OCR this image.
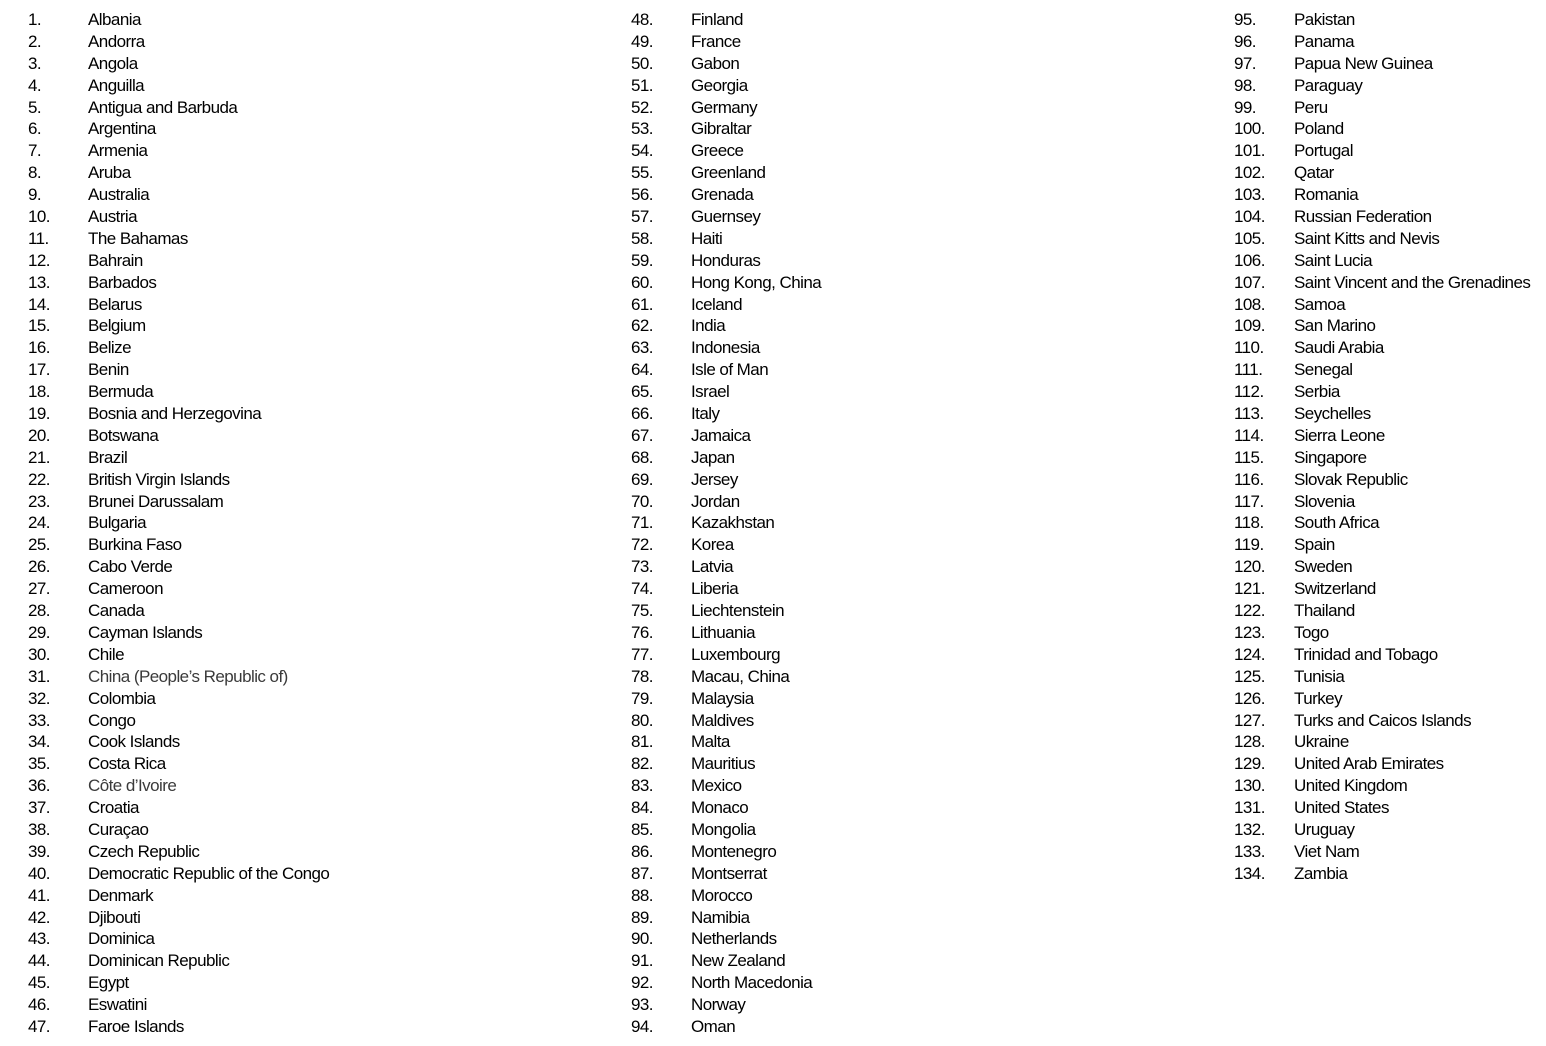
1.	Albania
2.	Andorra
3.	Angola
4.	Anguilla
5.	Antigua and Barbuda
6.	Argentina
7.	Armenia
8.	Aruba
9.	Australia
10.	Austria
11.	The Bahamas
12.	Bahrain
13.	Barbados
14.	Belarus
15.	Belgium
16.	Belize
17.	Benin
18.	Bermuda
19.	Bosnia and Herzegovina
20.	Botswana
21.	Brazil
22.	British Virgin Islands
23.	Brunei Darussalam
24.	Bulgaria
25.	Burkina Faso
26.	Cabo Verde
27.	Cameroon
28.	Canada
29.	Cayman Islands
30.	Chile
31.	China (People’s Republic of)
32.	Colombia
33.	Congo
34.	Cook Islands
35.	Costa Rica
36.	Côte d’Ivoire
37.	Croatia
38.	Curaçao
39.	Czech Republic
40.	Democratic Republic of the Congo
41.	Denmark
42.	Djibouti
43.	Dominica
44.	Dominican Republic
45.	Egypt
46.	Eswatini
47.	Faroe Islands
48.	Finland
49.	France
50.	Gabon
51.	Georgia
52.	Germany
53.	Gibraltar
54.	Greece
55.	Greenland
56.	Grenada
57.	Guernsey
58.	Haiti
59.	Honduras
60.	Hong Kong, China
61.	Iceland
62.	India
63.	Indonesia
64.	Isle of Man
65.	Israel
66.	Italy
67.	Jamaica
68.	Japan
69.	Jersey
70.	Jordan
71.	Kazakhstan
72.	Korea
73.	Latvia
74.	Liberia
75.	Liechtenstein
76.	Lithuania
77.	Luxembourg
78.	Macau, China
79.	Malaysia
80.	Maldives
81.	Malta
82.	Mauritius
83.	Mexico
84.	Monaco
85.	Mongolia
86.	Montenegro
87.	Montserrat
88.	Morocco
89.	Namibia
90.	Netherlands
91.	New Zealand
92.	North Macedonia
93.	Norway
94.	Oman
95.	Pakistan
96.	Panama
97.	Papua New Guinea
98.	Paraguay
99.	Peru
100.	Poland
101.	Portugal
102.	Qatar
103.	Romania
104.	Russian Federation
105.	Saint Kitts and Nevis
106.	Saint Lucia
107.	Saint Vincent and the Grenadines
108.	Samoa
109.	San Marino
110.	Saudi Arabia
111.	Senegal
112.	Serbia
113.	Seychelles
114.	Sierra Leone
115.	Singapore
116.	Slovak Republic
117.	Slovenia
118.	South Africa
119.	Spain
120.	Sweden
121.	Switzerland
122.	Thailand
123.	Togo
124.	Trinidad and Tobago
125.	Tunisia
126.	Turkey
127.	Turks and Caicos Islands
128.	Ukraine
129.	United Arab Emirates
130.	United Kingdom
131.	United States
132.	Uruguay
133.	Viet Nam
134.	Zambia
